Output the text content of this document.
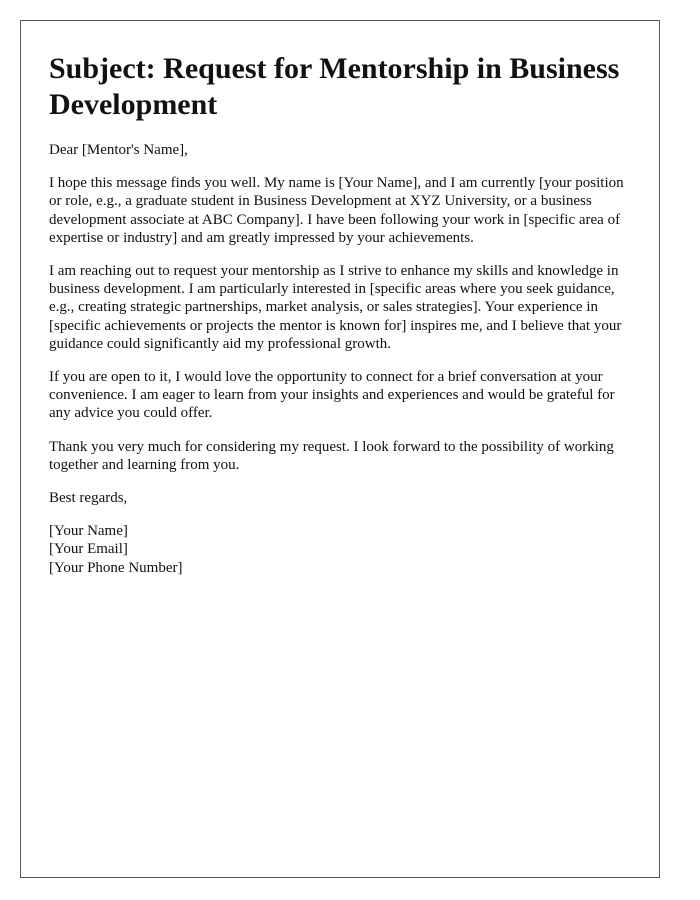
Subject: Request for Mentorship in Business Development

Dear [Mentor's Name],

I hope this message finds you well. My name is [Your Name], and I am currently [your position or role, e.g., a graduate student in Business Development at XYZ University, or a business development associate at ABC Company]. I have been following your work in [specific area of expertise or industry] and am greatly impressed by your achievements.

I am reaching out to request your mentorship as I strive to enhance my skills and knowledge in business development. I am particularly interested in [specific areas where you seek guidance, e.g., creating strategic partnerships, market analysis, or sales strategies]. Your experience in [specific achievements or projects the mentor is known for] inspires me, and I believe that your guidance could significantly aid my professional growth.

If you are open to it, I would love the opportunity to connect for a brief conversation at your convenience. I am eager to learn from your insights and experiences and would be grateful for any advice you could offer.

Thank you very much for considering my request. I look forward to the possibility of working together and learning from you.

Best regards,

[Your Name]
[Your Email]
[Your Phone Number]
